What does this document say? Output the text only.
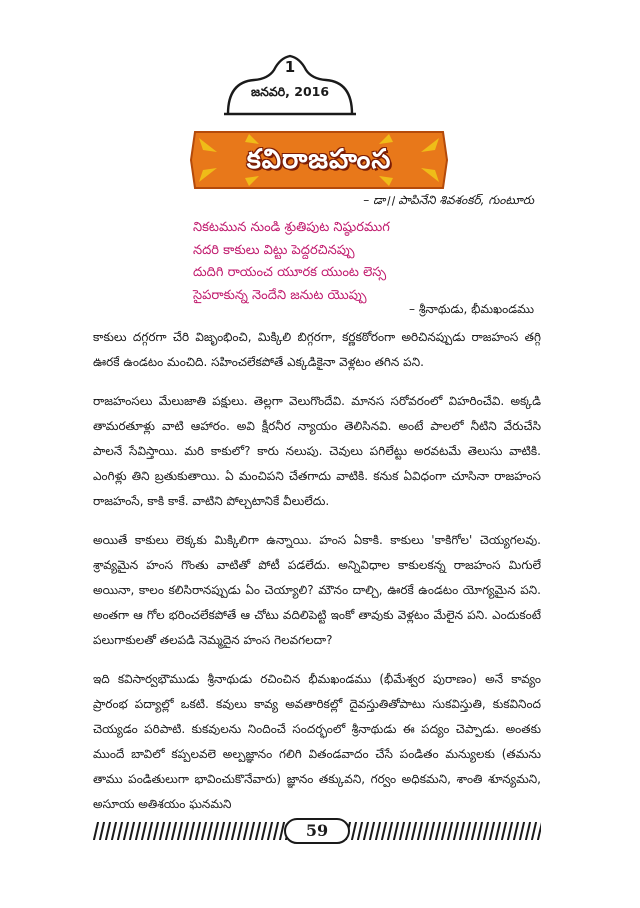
1
జనవరి, 2016
కవిరాజహంస
– డా।। పాపినేని శివశంకర్, గుంటూరు
నికటమున నుండి శ్రుతిపుట నిష్ఠురముగ
నదరి కాకులు విట్టు పెద్దరచినప్పు
దుదిగి రాయంచ యూరక యుంట లెస్స
సైపరాకున్న నెందేని జనుట యొప్పు
– శ్రీనాథుడు, భీమఖండము

కాకులు దగ్గరగా చేరి విజృంభించి, మిక్కిలి బిగ్గరగా, కర్ణకఠోరంగా అరిచినప్పుడు రాజహంస తగ్గి ఊరకే ఉండటం మంచిది. సహించలేకపోతే ఎక్కడికైనా వెళ్లటం తగిన పని.

రాజహంసలు మేలుజాతి పక్షులు. తెల్లగా వెలుగొందేవి. మానస సరోవరంలో విహరించేవి. అక్కడి తామరతూళ్లు వాటి ఆహారం. అవి క్షీరనీర న్యాయం తెలిసినవి. అంటే పాలలో నీటిని వేరుచేసి పాలనే సేవిస్తాయి. మరి కాకులో? కారు నలుపు. చెవులు పగిలేట్టు అరవటమే తెలుసు వాటికి. ఎంగిళ్లు తిని బ్రతుకుతాయి. ఏ మంచిపని చేతగాదు వాటికి. కనుక ఏవిధంగా చూసినా రాజహంస రాజహంసే, కాకి కాకే. వాటిని పోల్చటానికే వీలులేదు.

అయితే కాకులు లెక్కకు మిక్కిలిగా ఉన్నాయి. హంస ఏకాకి. కాకులు 'కాకిగోల' చెయ్యగలవు. శ్రావ్యమైన హంస గొంతు వాటితో పోటీ పడలేదు. అన్నివిధాల కాకులకన్న రాజహంస మిగులే అయినా, కాలం కలిసిరానప్పుడు ఏం చెయ్యాలి? మౌనం దాల్చి, ఊరకే ఉండటం యోగ్యమైన పని. అంతగా ఆ గోల భరించలేకపోతే ఆ చోటు వదిలిపెట్టి ఇంకో తావుకు వెళ్లటం మేలైన పని. ఎందుకంటే పలుగాకులతో తలపడి నెమ్మదైన హంస గెలవగలదా?

ఇది కవిసార్వభౌముడు శ్రీనాథుడు రచించిన భీమఖండము (భీమేశ్వర పురాణం) అనే కావ్యం ప్రారంభ పద్యాల్లో ఒకటి. కవులు కావ్య అవతారికల్లో దైవస్తుతితోపాటు సుకవిస్తుతి, కుకవినింద చెయ్యడం పరిపాటి. కుకవులను నిందించే సందర్భంలో శ్రీనాథుడు ఈ పద్యం చెప్పాడు. అంతకు ముందే బావిలో కప్పలవలె అల్పజ్ఞానం గలిగి వితండవాదం చేసే పండితం మన్యులకు (తమను తాము పండితులుగా భావించుకొనేవారు) జ్ఞానం తక్కువని, గర్వం అధికమని, శాంతి శూన్యమని, అసూయ అతిశయం ఘనమని

59
